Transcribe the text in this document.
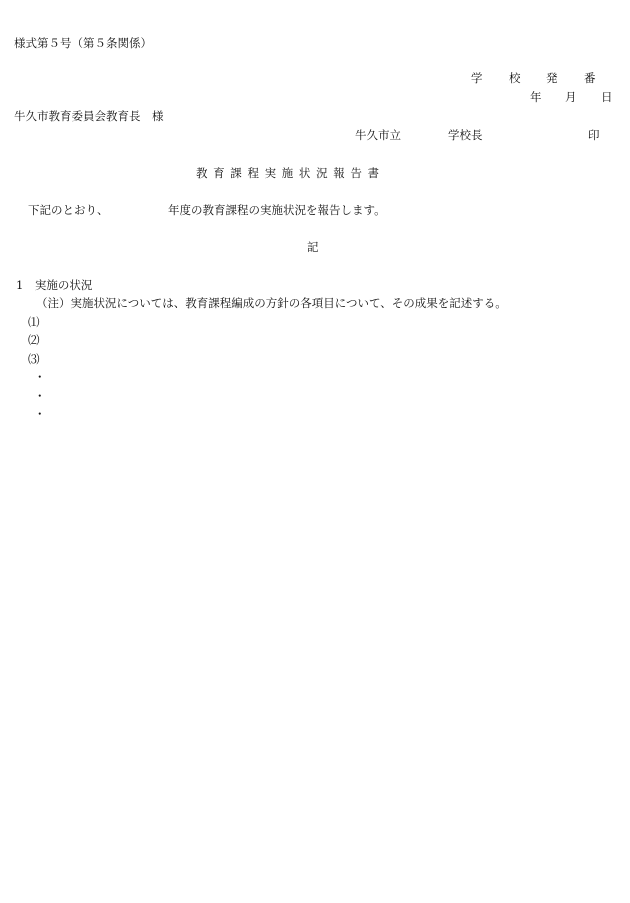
様式第５号（第５条関係）
学 校 発 番
年 月 日
牛久市教育委員会教育長　様
牛久市立	学校長	印
教 育 課 程 実 施 状 況 報 告 書
下記のとおり、	年度の教育課程の実施状況を報告します。
記
1　実施の状況
（注）実施状況については、教育課程編成の方針の各項目について、その成果を記述する。
⑴
⑵
⑶
・
・
・
